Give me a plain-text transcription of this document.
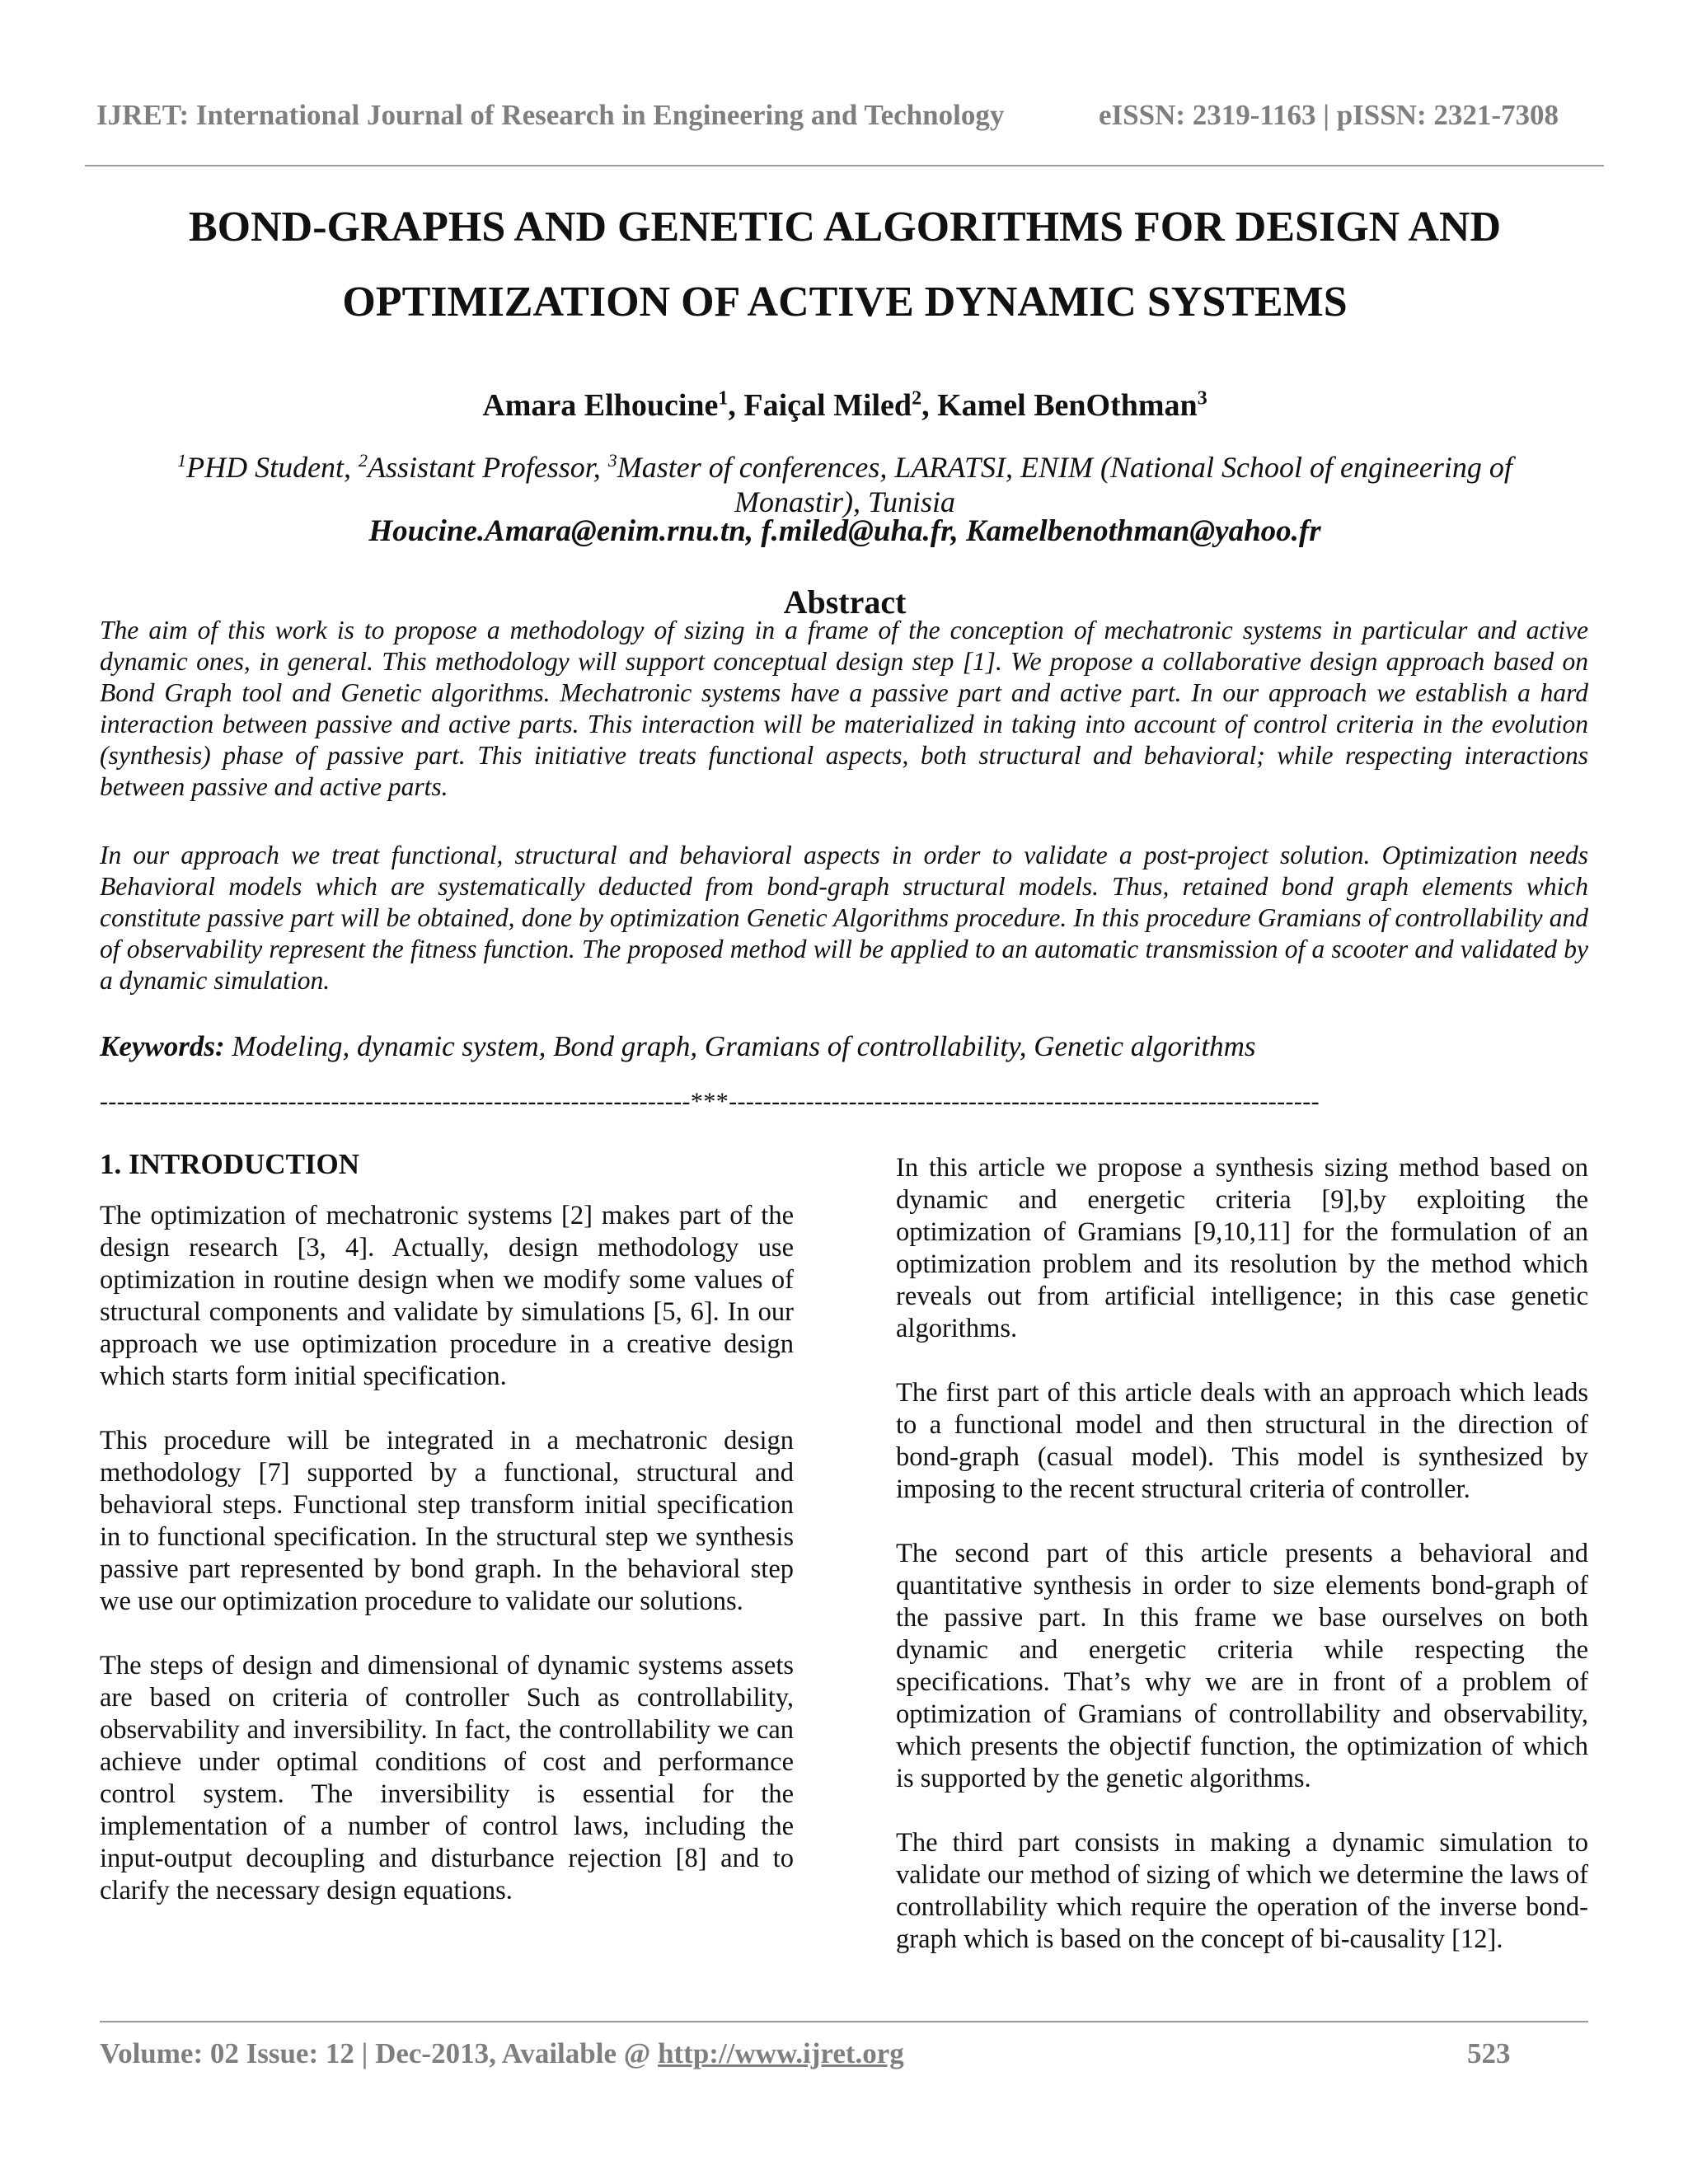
IJRET: International Journal of Research in Engineering and Technology	eISSN: 2319-1163 | pISSN: 2321-7308
BOND-GRAPHS AND GENETIC ALGORITHMS FOR DESIGN AND
OPTIMIZATION OF ACTIVE DYNAMIC SYSTEMS
Amara Elhoucine$^1$, Faiçal Miled$^2$, Kamel BenOthman$^3$
$^1$PHD Student, $^2$Assistant Professor, $^3$Master of conferences, LARATSI, ENIM (National School of engineering of Monastir), Tunisia
Houcine.Amara@enim.rnu.tn, f.miled@uha.fr, Kamelbenothman@yahoo.fr
Abstract
The aim of this work is to propose a methodology of sizing in a frame of the conception of mechatronic systems in particular and active dynamic ones, in general. This methodology will support conceptual design step [1]. We propose a collaborative design approach based on Bond Graph tool and Genetic algorithms. Mechatronic systems have a passive part and active part. In our approach we establish a hard interaction between passive and active parts. This interaction will be materialized in taking into account of control criteria in the evolution (synthesis) phase of passive part. This initiative treats functional aspects, both structural and behavioral; while respecting interactions between passive and active parts.
In our approach we treat functional, structural and behavioral aspects in order to validate a post-project solution. Optimization needs Behavioral models which are systematically deducted from bond-graph structural models. Thus, retained bond graph elements which constitute passive part will be obtained, done by optimization Genetic Algorithms procedure. In this procedure Gramians of controllability and of observability represent the fitness function. The proposed method will be applied to an automatic transmission of a scooter and validated by a dynamic simulation.
Keywords: Modeling, dynamic system, Bond graph, Gramians of controllability, Genetic algorithms
---------------------------------------------------------------------***---------------------------------------------------------------------
1. INTRODUCTION

The optimization of mechatronic systems [2] makes part of the design research [3, 4]. Actually, design methodology use optimization in routine design when we modify some values of structural components and validate by simulations [5, 6]. In our approach we use optimization procedure in a creative design which starts form initial specification.

This procedure will be integrated in a mechatronic design methodology [7] supported by a functional, structural and behavioral steps. Functional step transform initial specification in to functional specification. In the structural step we synthesis passive part represented by bond graph. In the behavioral step we use our optimization procedure to validate our solutions.

The steps of design and dimensional of dynamic systems assets are based on criteria of controller Such as controllability, observability and inversibility. In fact, the controllability we can achieve under optimal conditions of cost and performance control system. The inversibility is essential for the implementation of a number of control laws, including the input-output decoupling and disturbance rejection [8] and to clarify the necessary design equations.

In this article we propose a synthesis sizing method based on dynamic and energetic criteria [9],by exploiting the optimization of Gramians [9,10,11] for the formulation of an optimization problem and its resolution by the method which reveals out from artificial intelligence; in this case genetic algorithms.

The first part of this article deals with an approach which leads to a functional model and then structural in the direction of bond-graph (casual model). This model is synthesized by imposing to the recent structural criteria of controller.

The second part of this article presents a behavioral and quantitative synthesis in order to size elements bond-graph of the passive part. In this frame we base ourselves on both dynamic and energetic criteria while respecting the specifications. That’s why we are in front of a problem of optimization of Gramians of controllability and observability, which presents the objectif function, the optimization of which is supported by the genetic algorithms.

The third part consists in making a dynamic simulation to validate our method of sizing of which we determine the laws of controllability which require the operation of the inverse bond-graph which is based on the concept of bi-causality [12].

Volume: 02 Issue: 12 | Dec-2013, Available @ http://www.ijret.org	523
